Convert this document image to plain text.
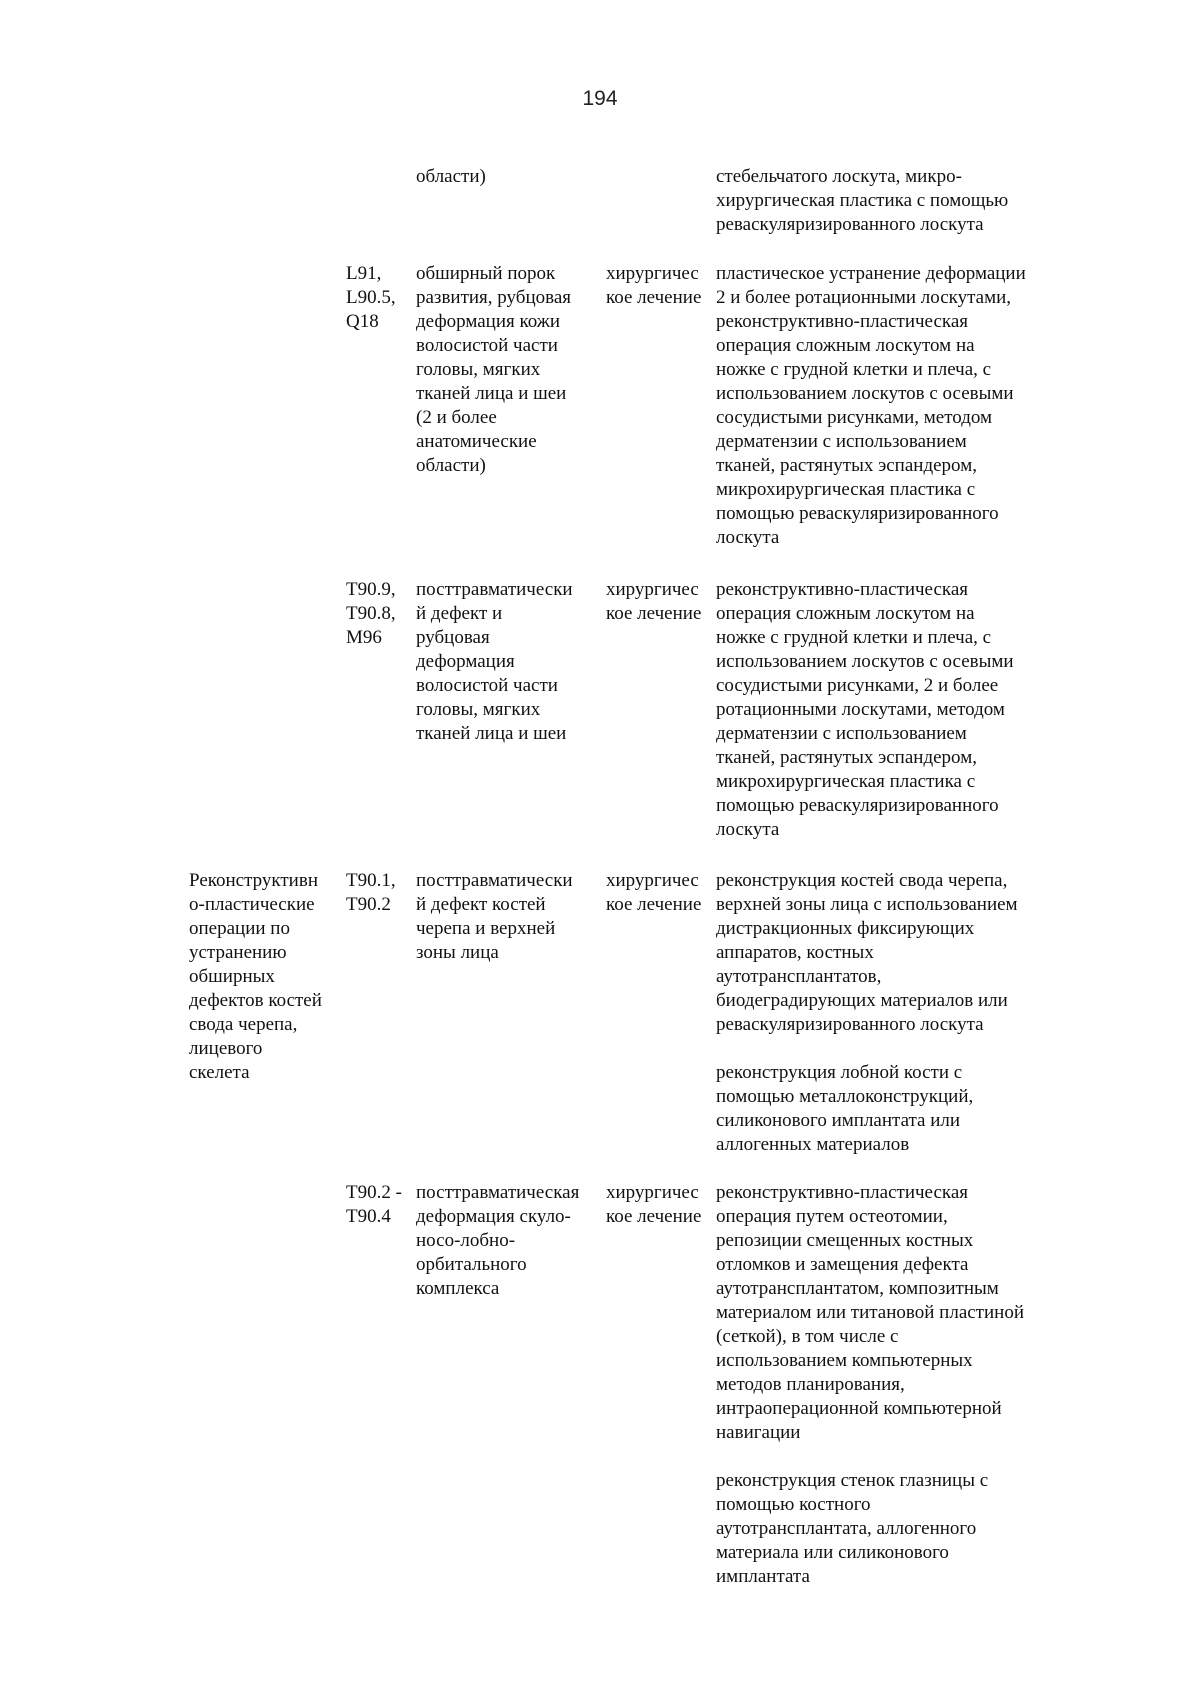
194

области)	стебельчатого лоскута, микро-
хирургическая пластика с помощью
реваскуляризированного лоскута

L91,
L90.5,
Q18

обширный порок
развития, рубцовая
деформация кожи
волосистой части
головы, мягких
тканей лица и шеи
(2 и более
анатомические
области)

хирургичес
кое лечение

пластическое устранение деформации
2 и более ротационными лоскутами,
реконструктивно-пластическая
операция сложным лоскутом на
ножке с грудной клетки и плеча, с
использованием лоскутов с осевыми
сосудистыми рисунками, методом
дерматензии с использованием
тканей, растянутых эспандером,
микрохирургическая пластика с
помощью реваскуляризированного
лоскута

T90.9,
T90.8,
M96

посттравматически
й дефект и
рубцовая
деформация
волосистой части
головы, мягких
тканей лица и шеи

хирургичес
кое лечение

реконструктивно-пластическая
операция сложным лоскутом на
ножке с грудной клетки и плеча, с
использованием лоскутов с осевыми
сосудистыми рисунками, 2 и более
ротационными лоскутами, методом
дерматензии с использованием
тканей, растянутых эспандером,
микрохирургическая пластика с
помощью реваскуляризированного
лоскута

Реконструктивн
о-пластические
операции по
устранению
обширных
дефектов костей
свода черепа,
лицевого
скелета

T90.1,
T90.2

посттравматически
й дефект костей
черепа и верхней
зоны лица

хирургичес
кое лечение

реконструкция костей свода черепа,
верхней зоны лица с использованием
дистракционных фиксирующих
аппаратов, костных
аутотрансплантатов,
биодеградирующих материалов или
реваскуляризированного лоскута

реконструкция лобной кости с
помощью металлоконструкций,
силиконового имплантата или
аллогенных материалов

T90.2 -
T90.4

посттравматическая
деформация скуло-
носо-лобно-
орбитального
комплекса

хирургичес
кое лечение

реконструктивно-пластическая
операция путем остеотомии,
репозиции смещенных костных
отломков и замещения дефекта
аутотрансплантатом, композитным
материалом или титановой пластиной
(сеткой), в том числе с
использованием компьютерных
методов планирования,
интраоперационной компьютерной
навигации

реконструкция стенок глазницы с
помощью костного
аутотрансплантата, аллогенного
материала или силиконового
имплантата
